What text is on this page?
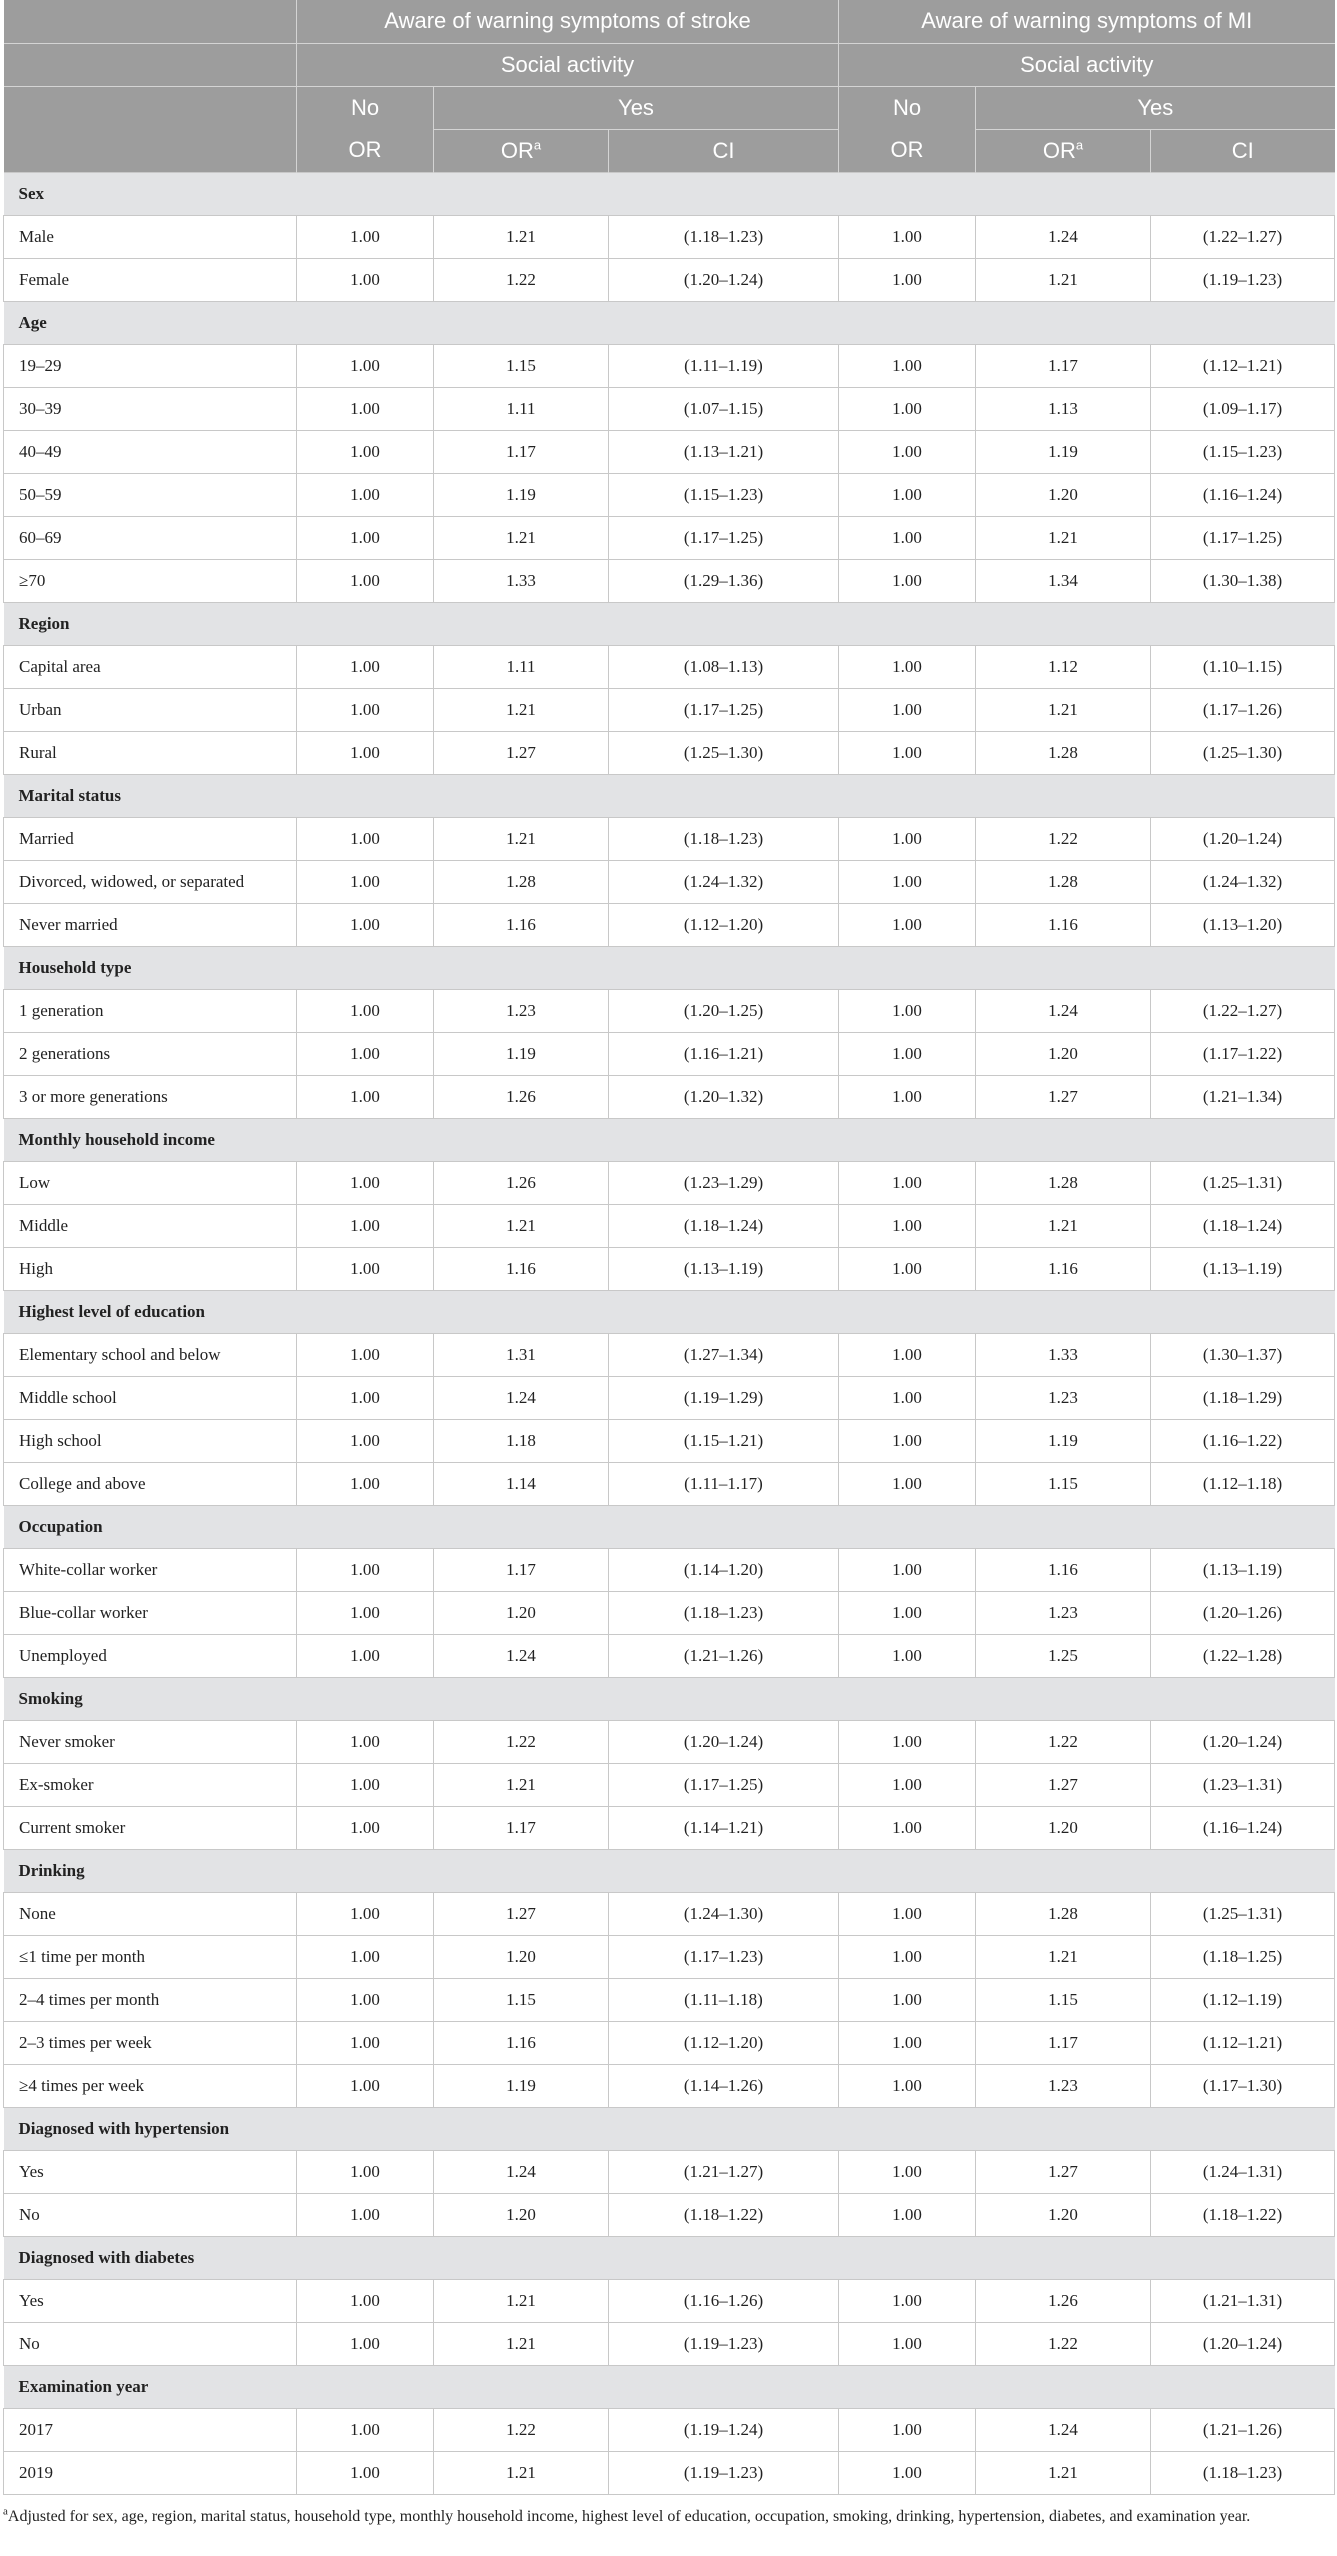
	Aware of warning symptoms of stroke			Aware of warning symptoms of MI		
	Social activity			Social activity		
	No	Yes		No	Yes	
	OR	$OR^a$	CI	OR	$OR^a$	CI
Sex						
Male	1.00	1.21	(1.18–1.23)	1.00	1.24	(1.22–1.27)
Female	1.00	1.22	(1.20–1.24)	1.00	1.21	(1.19–1.23)
Age						
19–29	1.00	1.15	(1.11–1.19)	1.00	1.17	(1.12–1.21)
30–39	1.00	1.11	(1.07–1.15)	1.00	1.13	(1.09–1.17)
40–49	1.00	1.17	(1.13–1.21)	1.00	1.19	(1.15–1.23)
50–59	1.00	1.19	(1.15–1.23)	1.00	1.20	(1.16–1.24)
60–69	1.00	1.21	(1.17–1.25)	1.00	1.21	(1.17–1.25)
≥70	1.00	1.33	(1.29–1.36)	1.00	1.34	(1.30–1.38)
Region						
Capital area	1.00	1.11	(1.08–1.13)	1.00	1.12	(1.10–1.15)
Urban	1.00	1.21	(1.17–1.25)	1.00	1.21	(1.17–1.26)
Rural	1.00	1.27	(1.25–1.30)	1.00	1.28	(1.25–1.30)
Marital status						
Married	1.00	1.21	(1.18–1.23)	1.00	1.22	(1.20–1.24)
Divorced, widowed, or separated	1.00	1.28	(1.24–1.32)	1.00	1.28	(1.24–1.32)
Never married	1.00	1.16	(1.12–1.20)	1.00	1.16	(1.13–1.20)
Household type						
1 generation	1.00	1.23	(1.20–1.25)	1.00	1.24	(1.22–1.27)
2 generations	1.00	1.19	(1.16–1.21)	1.00	1.20	(1.17–1.22)
3 or more generations	1.00	1.26	(1.20–1.32)	1.00	1.27	(1.21–1.34)
Monthly household income						
Low	1.00	1.26	(1.23–1.29)	1.00	1.28	(1.25–1.31)
Middle	1.00	1.21	(1.18–1.24)	1.00	1.21	(1.18–1.24)
High	1.00	1.16	(1.13–1.19)	1.00	1.16	(1.13–1.19)
Highest level of education						
Elementary school and below	1.00	1.31	(1.27–1.34)	1.00	1.33	(1.30–1.37)
Middle school	1.00	1.24	(1.19–1.29)	1.00	1.23	(1.18–1.29)
High school	1.00	1.18	(1.15–1.21)	1.00	1.19	(1.16–1.22)
College and above	1.00	1.14	(1.11–1.17)	1.00	1.15	(1.12–1.18)
Occupation						
White-collar worker	1.00	1.17	(1.14–1.20)	1.00	1.16	(1.13–1.19)
Blue-collar worker	1.00	1.20	(1.18–1.23)	1.00	1.23	(1.20–1.26)
Unemployed	1.00	1.24	(1.21–1.26)	1.00	1.25	(1.22–1.28)
Smoking						
Never smoker	1.00	1.22	(1.20–1.24)	1.00	1.22	(1.20–1.24)
Ex-smoker	1.00	1.21	(1.17–1.25)	1.00	1.27	(1.23–1.31)
Current smoker	1.00	1.17	(1.14–1.21)	1.00	1.20	(1.16–1.24)
Drinking						
None	1.00	1.27	(1.24–1.30)	1.00	1.28	(1.25–1.31)
≤1 time per month	1.00	1.20	(1.17–1.23)	1.00	1.21	(1.18–1.25)
2–4 times per month	1.00	1.15	(1.11–1.18)	1.00	1.15	(1.12–1.19)
2–3 times per week	1.00	1.16	(1.12–1.20)	1.00	1.17	(1.12–1.21)
≥4 times per week	1.00	1.19	(1.14–1.26)	1.00	1.23	(1.17–1.30)
Diagnosed with hypertension						
Yes	1.00	1.24	(1.21–1.27)	1.00	1.27	(1.24–1.31)
No	1.00	1.20	(1.18–1.22)	1.00	1.20	(1.18–1.22)
Diagnosed with diabetes						
Yes	1.00	1.21	(1.16–1.26)	1.00	1.26	(1.21–1.31)
No	1.00	1.21	(1.19–1.23)	1.00	1.22	(1.20–1.24)
Examination year						
2017	1.00	1.22	(1.19–1.24)	1.00	1.24	(1.21–1.26)
2019	1.00	1.21	(1.19–1.23)	1.00	1.21	(1.18–1.23)
$^a$Adjusted for sex, age, region, marital status, household type, monthly household income, highest level of education, occupation, smoking, drinking, hypertension, diabetes, and examination year.
